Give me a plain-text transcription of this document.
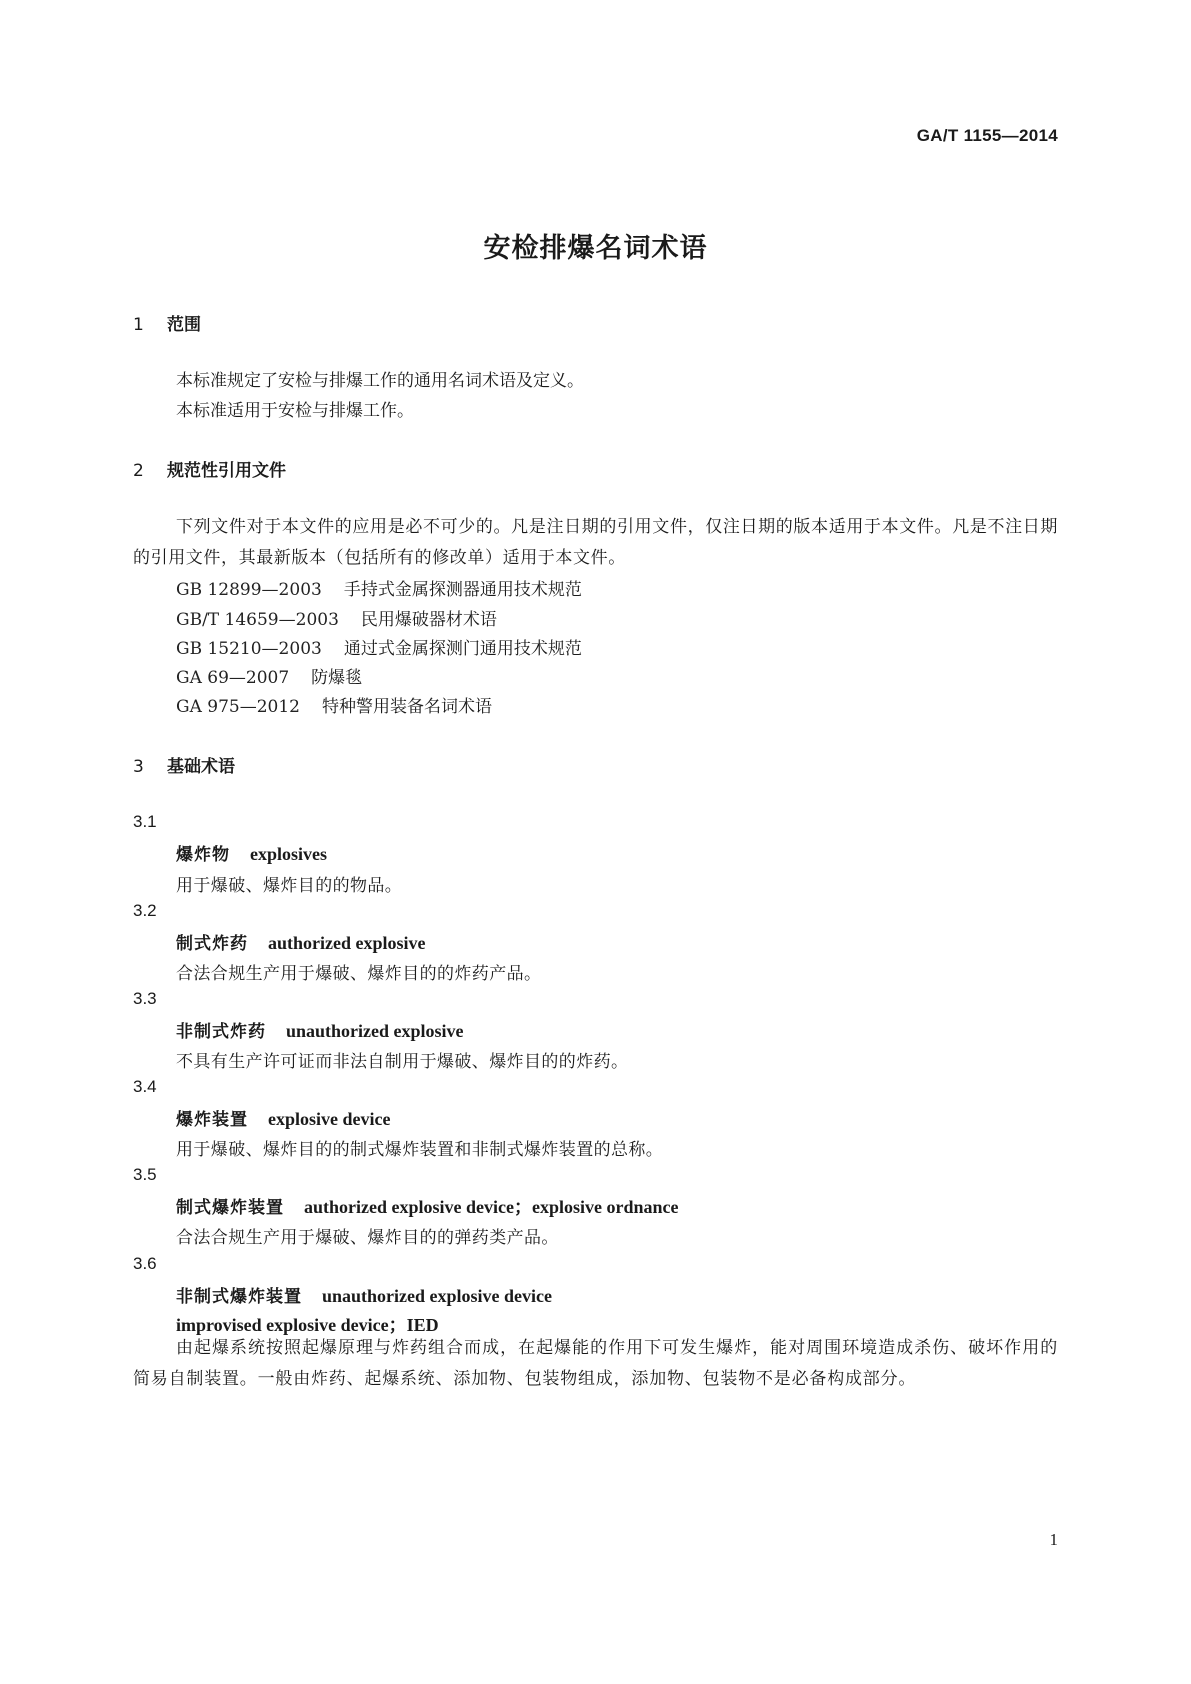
GA/T 1155—2014
安检排爆名词术语
1 范围
本标准规定了安检与排爆工作的通用名词术语及定义。
本标准适用于安检与排爆工作。
2 规范性引用文件
下列文件对于本文件的应用是必不可少的。凡是注日期的引用文件，仅注日期的版本适用于本文件。凡是不注日期的引用文件，其最新版本（包括所有的修改单）适用于本文件。
GB 12899—2003 手持式金属探测器通用技术规范
GB/T 14659—2003 民用爆破器材术语
GB 15210—2003 通过式金属探测门通用技术规范
GA 69—2007 防爆毯
GA 975—2012 特种警用装备名词术语
3 基础术语
3.1
爆炸物 explosives
用于爆破、爆炸目的的物品。
3.2
制式炸药 authorized explosive
合法合规生产用于爆破、爆炸目的的炸药产品。
3.3
非制式炸药 unauthorized explosive
不具有生产许可证而非法自制用于爆破、爆炸目的的炸药。
3.4
爆炸装置 explosive device
用于爆破、爆炸目的的制式爆炸装置和非制式爆炸装置的总称。
3.5
制式爆炸装置 authorized explosive device；explosive ordnance
合法合规生产用于爆破、爆炸目的的弹药类产品。
3.6
非制式爆炸装置 unauthorized explosive device
improvised explosive device；IED
由起爆系统按照起爆原理与炸药组合而成，在起爆能的作用下可发生爆炸，能对周围环境造成杀伤、破坏作用的简易自制装置。一般由炸药、起爆系统、添加物、包装物组成，添加物、包装物不是必备构成部分。
1
